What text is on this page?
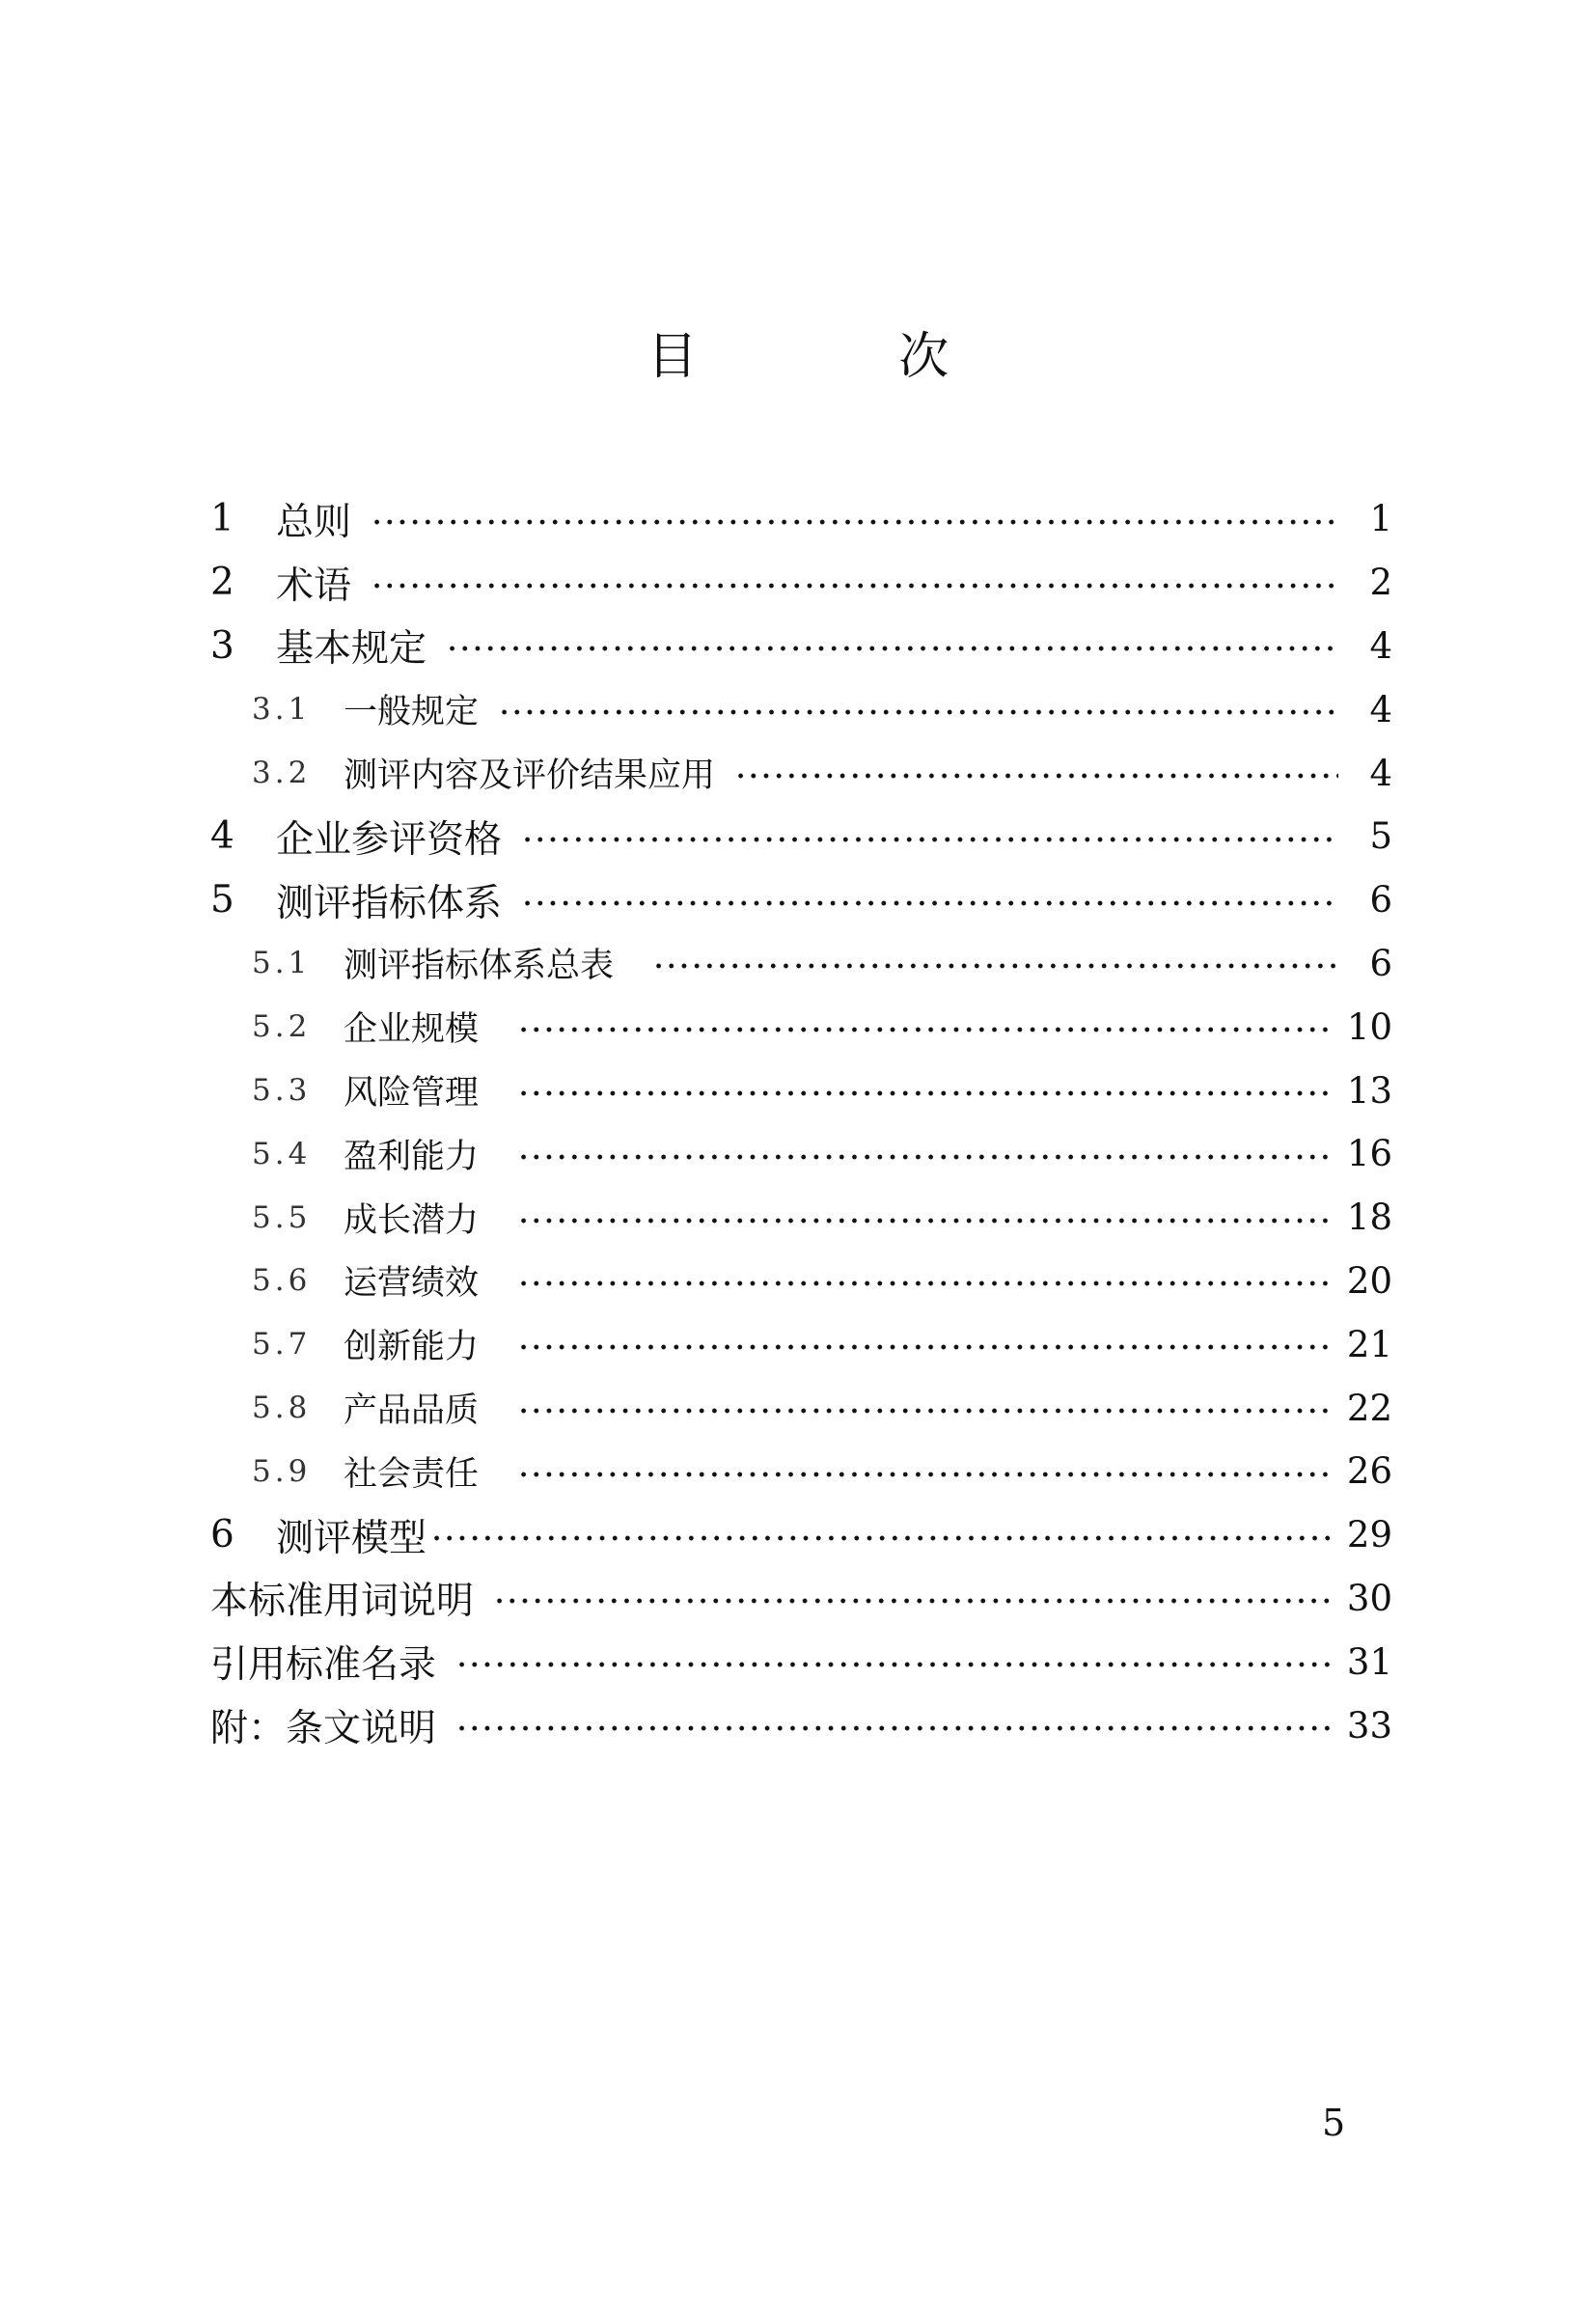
目 次
1	总则	1
2	术语	2
3	基本规定	4
3.1 一般规定	4
3.2 测评内容及评价结果应用	4
4	企业参评资格	5
5	测评指标体系	6
5.1 测评指标体系总表	6
5.2 企业规模	10
5.3 风险管理	13
5.4 盈利能力	16
5.5 成长潜力	18
5.6 运营绩效	20
5.7 创新能力	21
5.8 产品品质	22
5.9 社会责任	26
6	测评模型	29
本标准用词说明	30
引用标准名录	31
附：条文说明	33
5
